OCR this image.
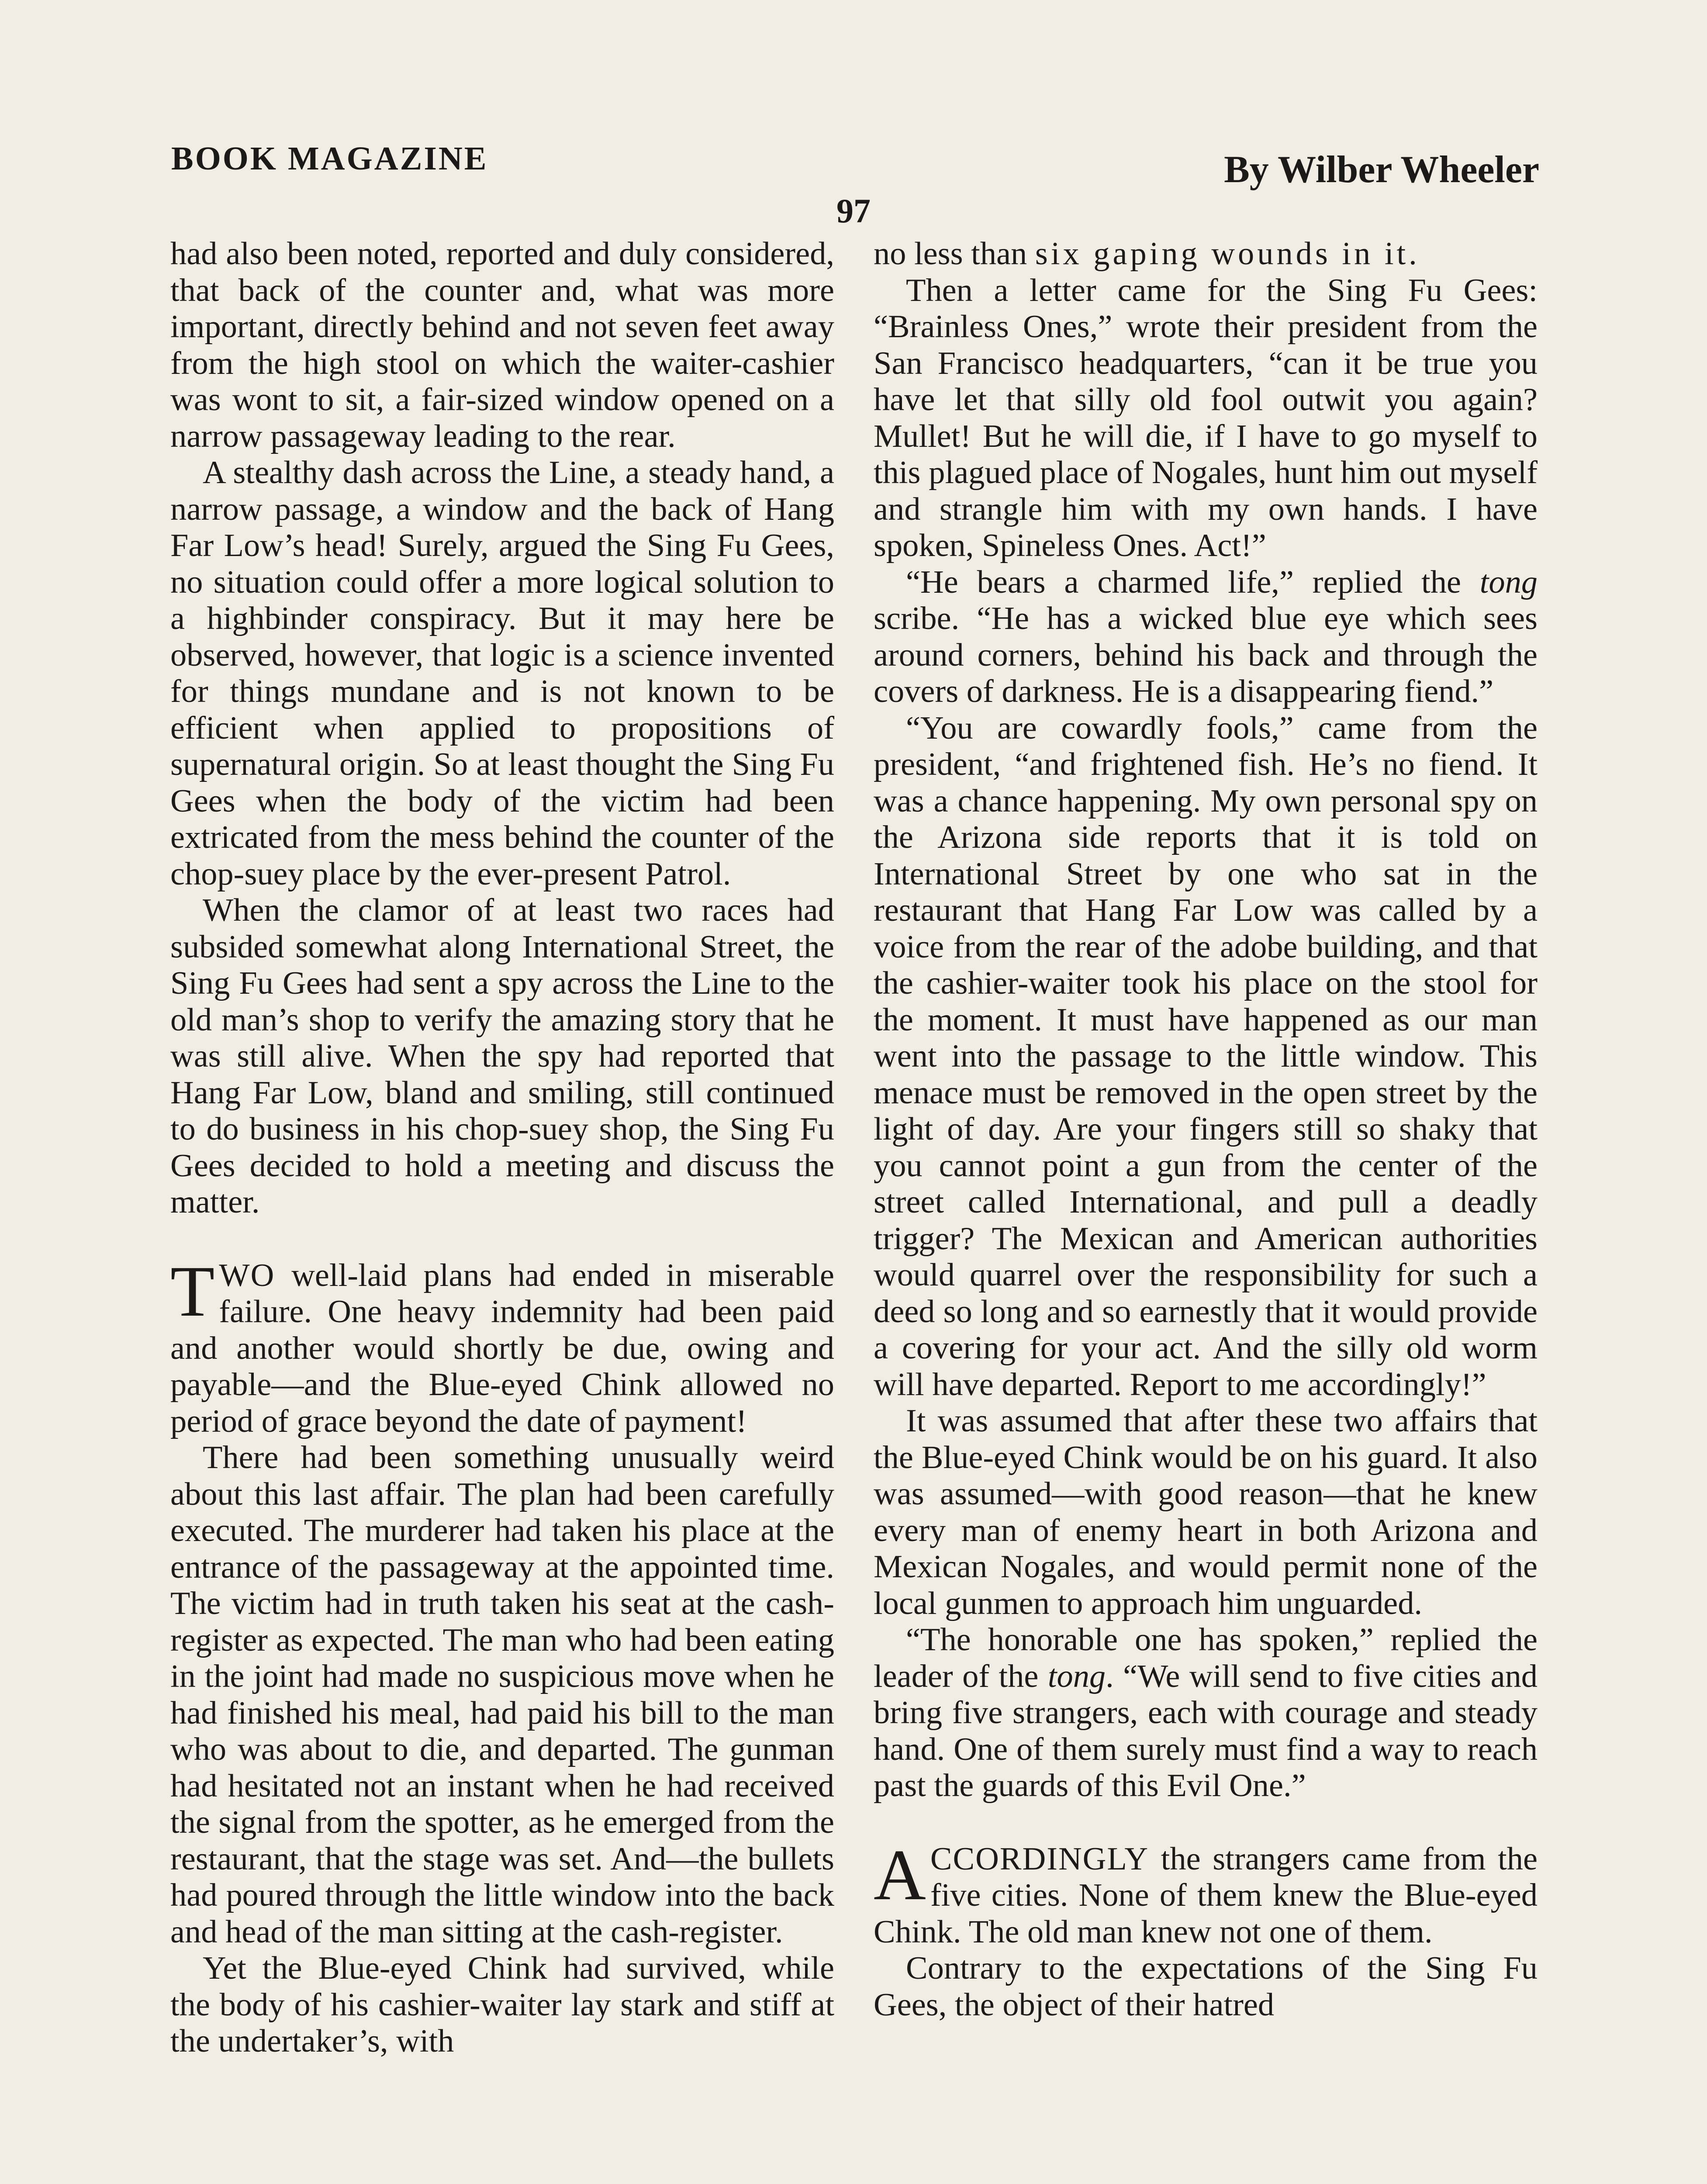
BOOK MAGAZINE	By Wilber Wheeler
97

had also been noted, reported and duly considered, that back of the counter and, what was more important, directly behind and not seven feet away from the high stool on which the waiter-cashier was wont to sit, a fair-sized window opened on a narrow passageway leading to the rear.

A stealthy dash across the Line, a steady hand, a narrow passage, a window and the back of Hang Far Low’s head! Surely, argued the Sing Fu Gees, no situation could offer a more logical solution to a highbinder conspiracy. But it may here be observed, however, that logic is a science invented for things mundane and is not known to be efficient when applied to propositions of supernatural origin. So at least thought the Sing Fu Gees when the body of the victim had been extricated from the mess behind the counter of the chop-suey place by the ever-present Patrol.

When the clamor of at least two races had subsided somewhat along International Street, the Sing Fu Gees had sent a spy across the Line to the old man’s shop to verify the amazing story that he was still alive. When the spy had reported that Hang Far Low, bland and smiling, still continued to do business in his chop-suey shop, the Sing Fu Gees decided to hold a meeting and discuss the matter.

TWO well-laid plans had ended in miserable failure. One heavy indemnity had been paid and another would shortly be due, owing and payable—and the Blue-eyed Chink allowed no period of grace beyond the date of payment!

There had been something unusually weird about this last affair. The plan had been carefully executed. The murderer had taken his place at the entrance of the passageway at the appointed time. The victim had in truth taken his seat at the cash-register as expected. The man who had been eating in the joint had made no suspicious move when he had finished his meal, had paid his bill to the man who was about to die, and departed. The gunman had hesitated not an instant when he had received the signal from the spotter, as he emerged from the restaurant, that the stage was set. And—the bullets had poured through the little window into the back and head of the man sitting at the cash-register.

Yet the Blue-eyed Chink had survived, while the body of his cashier-waiter lay stark and stiff at the undertaker’s, with

no less than six gaping wounds in it.

Then a letter came for the Sing Fu Gees: “Brainless Ones,” wrote their president from the San Francisco headquarters, “can it be true you have let that silly old fool outwit you again? Mullet! But he will die, if I have to go myself to this plagued place of Nogales, hunt him out myself and strangle him with my own hands. I have spoken, Spineless Ones. Act!”

“He bears a charmed life,” replied the tong scribe. “He has a wicked blue eye which sees around corners, behind his back and through the covers of darkness. He is a disappearing fiend.”

“You are cowardly fools,” came from the president, “and frightened fish. He’s no fiend. It was a chance happening. My own personal spy on the Arizona side reports that it is told on International Street by one who sat in the restaurant that Hang Far Low was called by a voice from the rear of the adobe building, and that the cashier-waiter took his place on the stool for the moment. It must have happened as our man went into the passage to the little window. This menace must be removed in the open street by the light of day. Are your fingers still so shaky that you cannot point a gun from the center of the street called International, and pull a deadly trigger? The Mexican and American authorities would quarrel over the responsibility for such a deed so long and so earnestly that it would provide a covering for your act. And the silly old worm will have departed. Report to me accordingly!”

It was assumed that after these two affairs that the Blue-eyed Chink would be on his guard. It also was assumed—with good reason—that he knew every man of enemy heart in both Arizona and Mexican Nogales, and would permit none of the local gunmen to approach him unguarded.

“The honorable one has spoken,” replied the leader of the tong. “We will send to five cities and bring five strangers, each with courage and steady hand. One of them surely must find a way to reach past the guards of this Evil One.”

ACCORDINGLY the strangers came from the five cities. None of them knew the Blue-eyed Chink. The old man knew not one of them.

Contrary to the expectations of the Sing Fu Gees, the object of their hatred
